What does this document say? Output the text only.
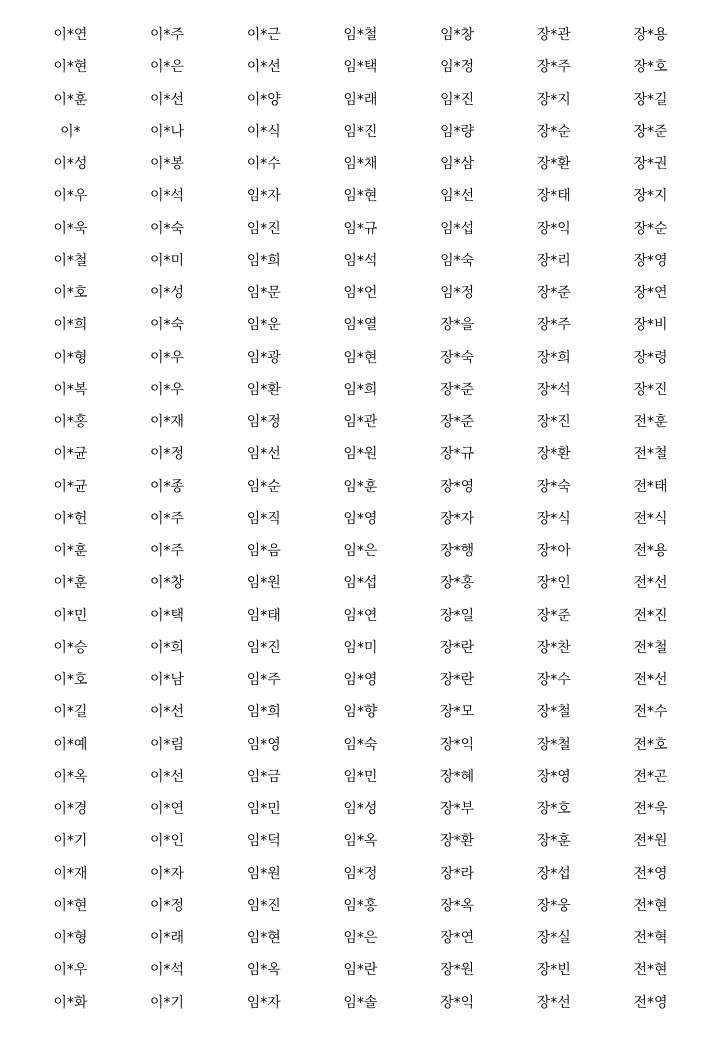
이*연	이*주	이*근	임*철	임*창	장*관	장*용
이*현	이*은	이*선	임*택	임*정	장*주	장*호
이*훈	이*선	이*양	임*래	임*진	장*지	장*길
이*	이*나	이*식	임*진	임*량	장*순	장*준
이*성	이*봉	이*수	임*채	임*삼	장*환	장*권
이*우	이*석	임*자	임*현	임*선	장*태	장*지
이*욱	이*숙	임*진	임*규	임*섭	장*익	장*순
이*철	이*미	임*희	임*석	임*숙	장*리	장*영
이*호	이*성	임*문	임*언	임*정	장*준	장*연
이*희	이*숙	임*운	임*열	장*을	장*주	장*비
이*형	이*우	임*광	임*현	장*숙	장*희	장*령
이*복	이*우	임*환	임*희	장*준	장*석	장*진
이*홍	이*재	임*정	임*관	장*준	장*진	전*훈
이*균	이*정	임*선	임*원	장*규	장*환	전*철
이*균	이*종	임*순	임*훈	장*영	장*숙	전*태
이*헌	이*주	임*직	임*영	장*자	장*식	전*식
이*훈	이*주	임*음	임*은	장*행	장*아	전*용
이*훈	이*창	임*원	임*섭	장*홍	장*인	전*선
이*민	이*택	임*태	임*연	장*일	장*준	전*진
이*승	이*희	임*진	임*미	장*란	장*찬	전*철
이*호	이*남	임*주	임*영	장*란	장*수	전*선
이*길	이*선	임*희	임*향	장*모	장*철	전*수
이*예	이*림	임*영	임*숙	장*익	장*철	전*호
이*옥	이*선	임*금	임*민	장*혜	장*영	전*곤
이*경	이*연	임*민	임*성	장*부	장*호	전*욱
이*기	이*인	임*덕	임*옥	장*환	장*훈	전*원
이*재	이*자	임*원	임*정	장*라	장*섭	전*영
이*현	이*정	임*진	임*홍	장*옥	장*웅	전*현
이*형	이*래	임*현	임*은	장*연	장*실	전*혁
이*우	이*석	임*옥	임*란	장*원	장*빈	전*현
이*화	이*기	임*자	임*솔	장*익	장*선	전*영
